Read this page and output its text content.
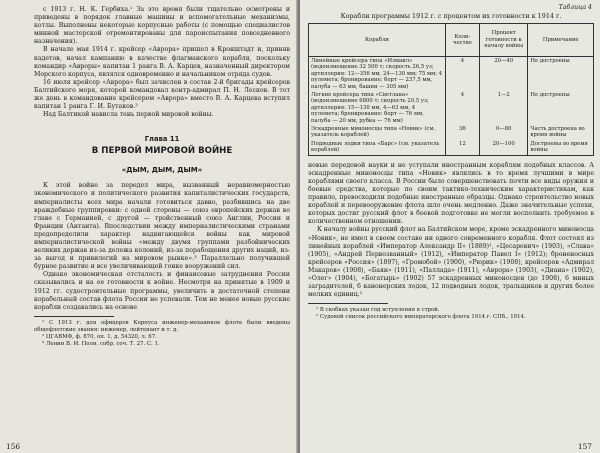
с 1913 г. Н. К. Гербиха.¹ За это время были тщательно осмотрены и приведены в порядок главные машины и вспомогательные механизмы, котлы. Выполнены некоторые корпусные работы (с помощью специалистов минной мастерской отремонтированы для пароиспытания повседневного назначения).

В начале мая 1914 г. крейсер «Аврора» пришел в Кронштадт и, приняв кадетов, начал кампанию в качестве флагманского корабля, поскольку командир «Авроры» капитан 1 ранга В. А. Карцев, назначенный директором Морского корпуса, являлся одновременно и начальником отряда судов.

16 июля крейсер «Аврора» был зачислен в состав 2-й бригады крейсеров Балтийского моря, которой командовал контр-адмирал П. Н. Лесков. В тот же день в командование крейсером «Аврора» вместо В. А. Карцева вступил капитан 1 ранга Г. И. Бутаков.²

Над Балтикой нависла тень первой мировой войны.

Глава 11
В ПЕРВОЙ МИРОВОЙ ВОЙНЕ
«ДЫМ, ДЫМ, ДЫМ»

К этой войне за передел мира, вызванный неравномерностью экономического и политического развития капиталистических государств, империалисты всех мира начали готовиться давно, разбившись на две враждебные группировки: с одной стороны — союз европейских держав во главе с Германией, с другой — тройственный союз Англии, России и Франции (Антанта). Впоследствии между империалистическими странами предопределили характер надвигающейся войны как мировой империалистической войны «между двумя группами разбойнических великих держав из-за дележа колоний, из-за порабощения других наций, из-за выгод и привилегий на мировом рынке».³ Параллельно получившей бурное развитие и все увеличивающей гонке вооружений сил.

Однако экономическая отсталость и финансовые затруднения России сказывались и на ее готовности к войне. Несмотря на принятые в 1909 и 1912 гг. судостроительные программы, увеличить в достаточной степени корабельный состав флота России не успевали. Тем не менее новые русские корабли создавались на основе

¹ С 1913 г. для офицеров Корпуса инженер-механиков флота были введены общефлотские звания: инженер, лейтенант и т. д.

² ЦГАВМФ, ф. 870, оп. 1, д. 54320, л. 67.

³ Ленин В. И. Полн. собр. соч. Т. 27. С. 1.

156
Таблица 4
Корабли программы 1912 г. с процентом их готовности к 1914 г.
Корабли	Коли-чество	Процент готовности к началу войны	Примечание
Линейные крейсера типа «Измаил» (водоизмещение 32 500 т; скорость 26,5 уз; артиллерия: 12—356 мм, 24—130 мм; 75 мм; 4 пулемета; бронирование: борт — 237,5 мм, палуба — 63 мм, башни — 305 мм)	4	20—40	Не достроены
Легкие крейсера типа «Светлана» (водоизмещение 6800 т; скорость 29,5 уз; артиллерия: 15—130 мм, 4—63 мм, 4 пулемета; бронирование: борт — 76 мм, палуба — 20 мм, рубка — 76 мм)	4	1—2	Не достроены
Эскадренные миноносцы типа «Новик» (см. указатель кораблей)	36	0—80	Часть достроена во время войны
Подводные лодки типа «Барс» (см. указатель кораблей)	12	20—100	Достроены во время войны

новые передовой науки и не уступали иностранным кораблям подобных классов. А эскадренные миноносцы типа «Новик» являлись в то время лучшими в мире кораблями своего класса. В России было совершенствовать почти все виды оружия и боевые средства, которые по своим тактико-техническим характеристикам, как правило, превосходили подобные иностранные образцы. Однако строительство новых кораблей и перевооружение флота шло очень медленно. Даже значительные успехи, которых достиг русский флот в боевой подготовке не могли восполнить требуемое в количественном отношении.

К началу войны русский флот на Балтийском море, кроме эскадренного миноносца «Новик», не имел в своем составе ни одного современного корабля. Флот состоял из линейных кораблей «Император Александр II» (1889)¹, «Цесаревич» (1903), «Слава» (1905), «Андрей Первозванный» (1912), «Император Павел I» (1912); броненосных крейсеров «Россия» (1897), «Громобой» (1900), «Рюрик» (1908), крейсеров «Адмирал Макаров» (1908), «Баян» (1911), «Паллада» (1911), «Аврора» (1903), «Диана» (1902), «Олег» (1904), «Богатырь» (1902) 57 эскадренных миноносцев (до 1908), 6 миных заградителей, 6 канонерских лодок, 12 подводных лодок, тральщиков и других более мелких единиц.²

¹ В скобках указан год вступления в строй.

² Судовой список российского императорского флота 1914 г. СПб., 1914.

157
